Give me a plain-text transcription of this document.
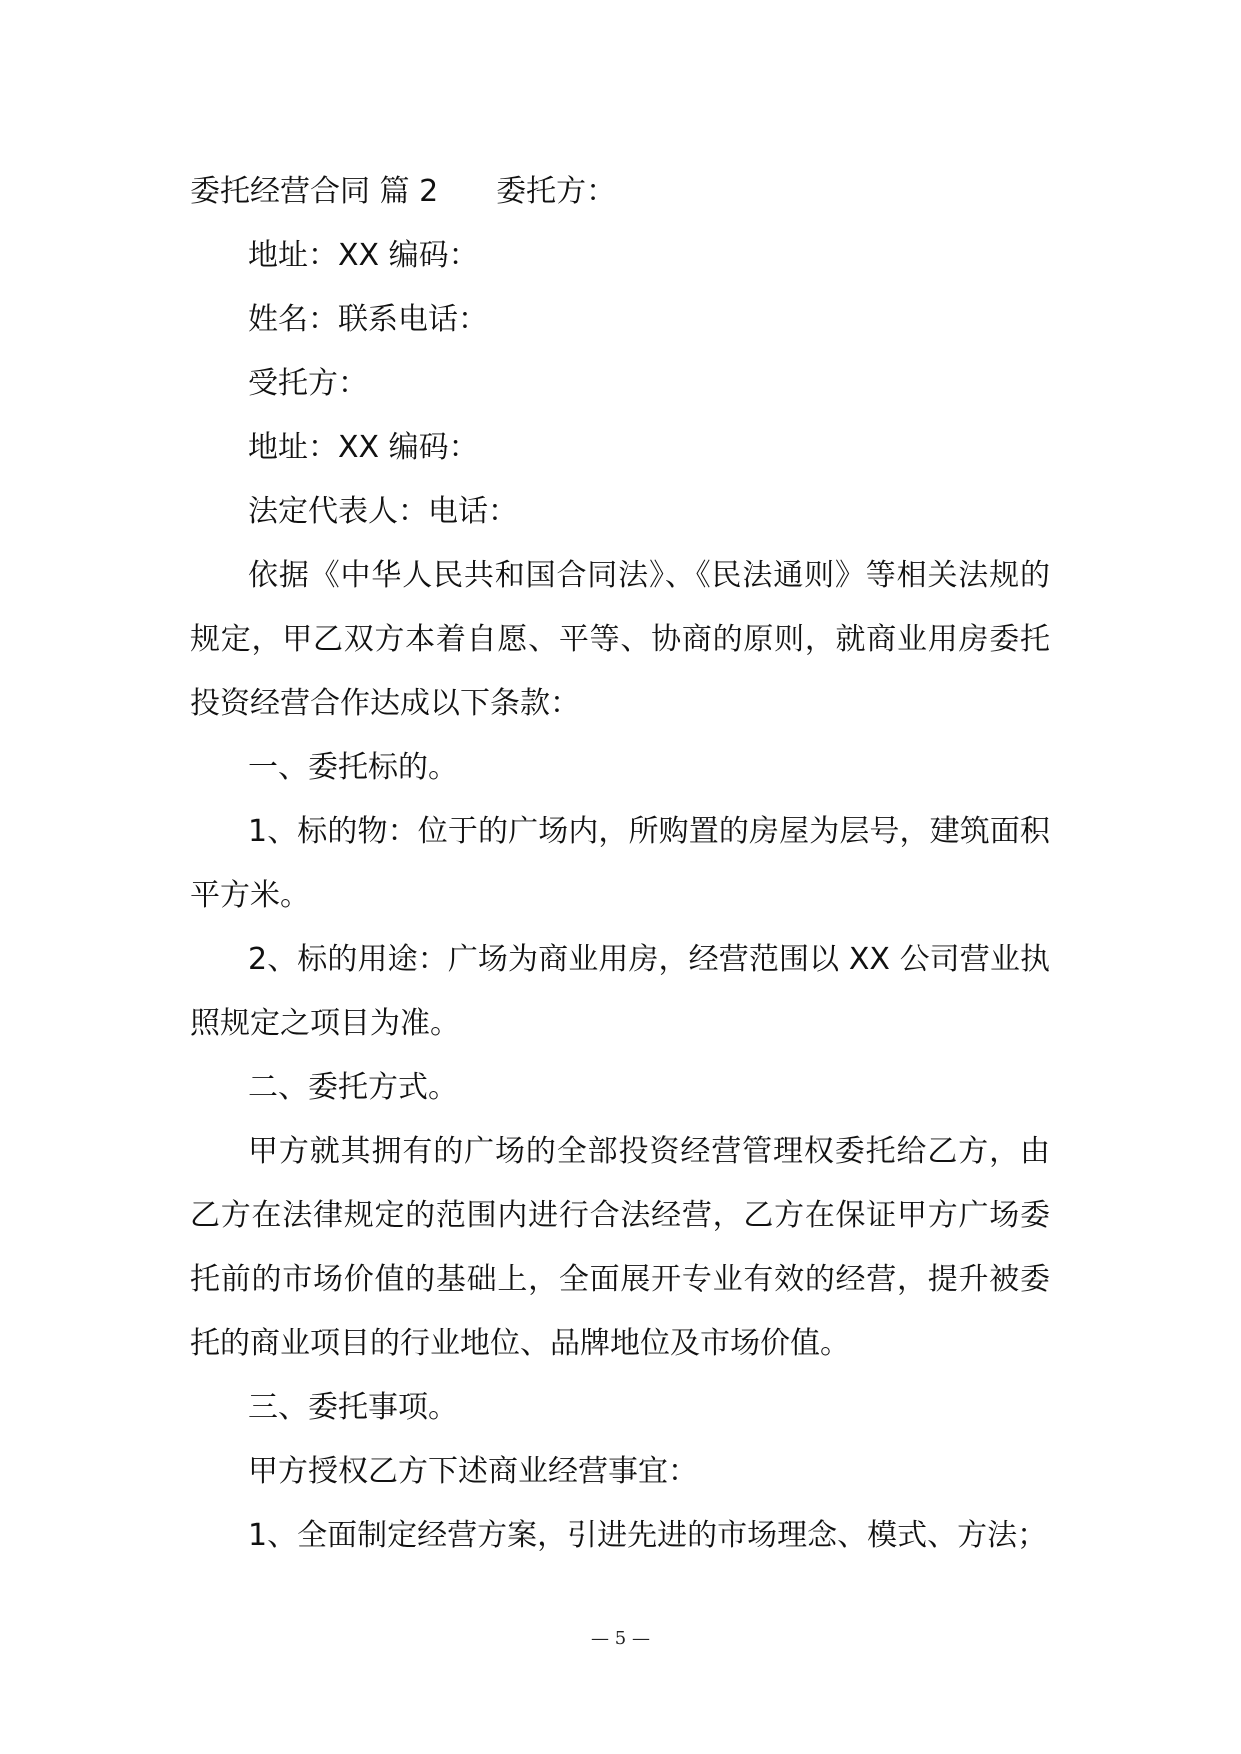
委托经营合同 篇 2 委托方：

地址：XX 编码：

姓名：联系电话：

受托方：

地址：XX 编码：

法定代表人：电话：

依据《中华人民共和国合同法》、《民法通则》等相关法规的规定，甲乙双方本着自愿、平等、协商的原则，就商业用房委托投资经营合作达成以下条款：

一、委托标的。

1、标的物：位于的广场内，所购置的房屋为层号，建筑面积平方米。

2、标的用途：广场为商业用房，经营范围以 XX 公司营业执照规定之项目为准。

二、委托方式。

甲方就其拥有的广场的全部投资经营管理权委托给乙方，由乙方在法律规定的范围内进行合法经营，乙方在保证甲方广场委托前的市场价值的基础上，全面展开专业有效的经营，提升被委托的商业项目的行业地位、品牌地位及市场价值。

三、委托事项。

甲方授权乙方下述商业经营事宜：

1、全面制定经营方案，引进先进的市场理念、模式、方法；

— 5 —
